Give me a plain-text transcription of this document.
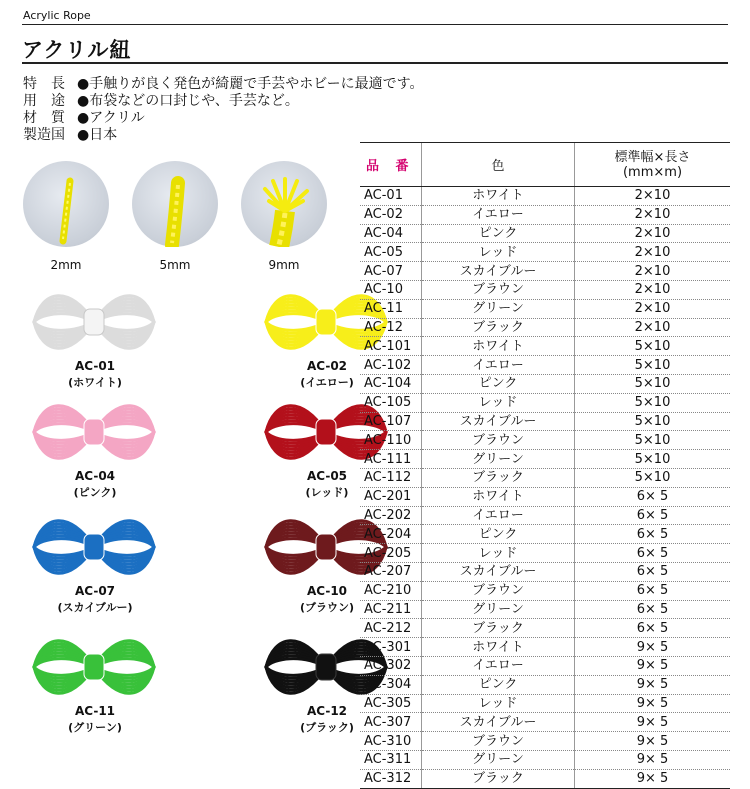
Acrylic Rope
アクリル紐
特　長 ●手触りが良く発色が綺麗で手芸やホビーに最適です。
用　途 ●布袋などの口封じや、手芸など。
材　質 ●アクリル
製造国 ●日本
2mm	5mm	9mm
AC-01
(ホワイト)
AC-02
(イエロー)
AC-04
(ピンク)
AC-05
(レッド)
AC-07
(スカイブルー)
AC-10
(ブラウン)
AC-11
(グリーン)
AC-12
(ブラック)
品 番	色	標準幅×長さ
(mm×m)

AC-01	ホワイト	2×10
AC-02	イエロー	2×10
AC-04	ピンク	2×10
AC-05	レッド	2×10
AC-07	スカイブルー	2×10
AC-10	ブラウン	2×10
AC-11	グリーン	2×10
AC-12	ブラック	2×10
AC-101	ホワイト	5×10
AC-102	イエロー	5×10
AC-104	ピンク	5×10
AC-105	レッド	5×10
AC-107	スカイブルー	5×10
AC-110	ブラウン	5×10
AC-111	グリーン	5×10
AC-112	ブラック	5×10
AC-201	ホワイト	6× 5
AC-202	イエロー	6× 5
AC-204	ピンク	6× 5
AC-205	レッド	6× 5
AC-207	スカイブルー	6× 5
AC-210	ブラウン	6× 5
AC-211	グリーン	6× 5
AC-212	ブラック	6× 5
AC-301	ホワイト	9× 5
AC-302	イエロー	9× 5
AC-304	ピンク	9× 5
AC-305	レッド	9× 5
AC-307	スカイブルー	9× 5
AC-310	ブラウン	9× 5
AC-311	グリーン	9× 5
AC-312	ブラック	9× 5
